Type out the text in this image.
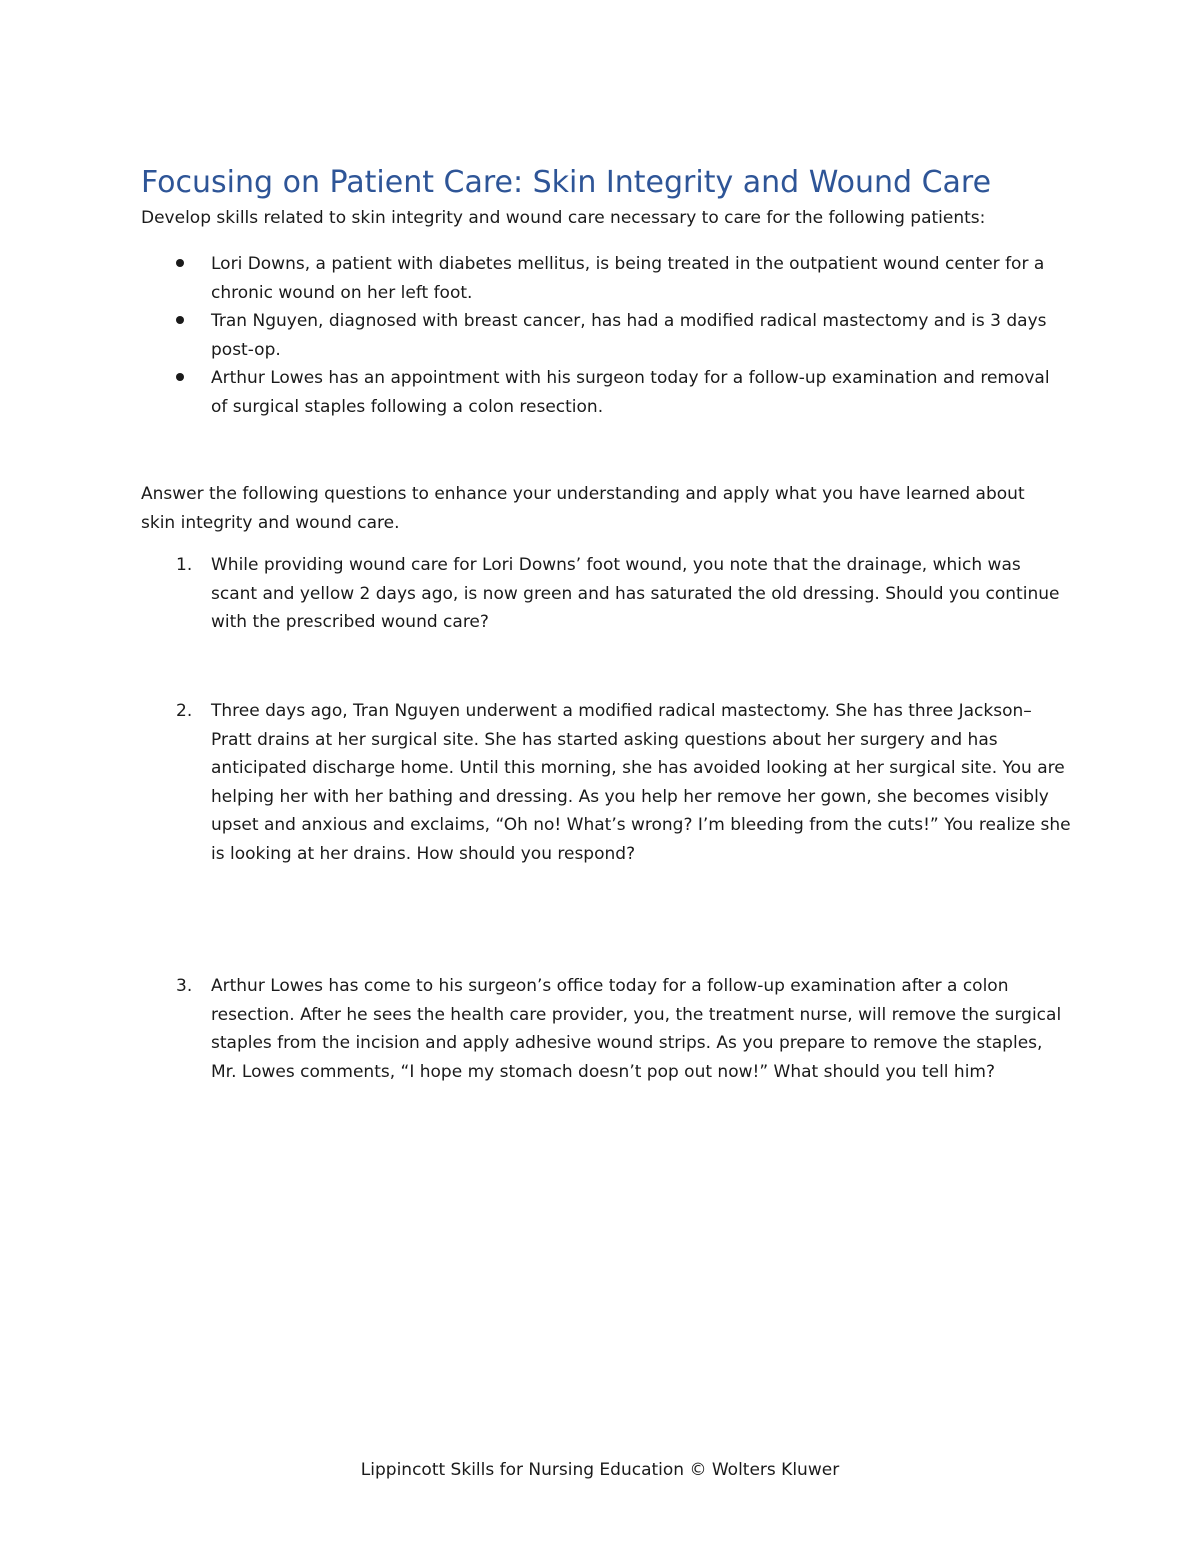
Focusing on Patient Care: Skin Integrity and Wound Care

Develop skills related to skin integrity and wound care necessary to care for the following patients:

Lori Downs, a patient with diabetes mellitus, is being treated in the outpatient wound center for a chronic wound on her left foot.
Tran Nguyen, diagnosed with breast cancer, has had a modified radical mastectomy and is 3 days post-op.
Arthur Lowes has an appointment with his surgeon today for a follow-up examination and removal of surgical staples following a colon resection.

Answer the following questions to enhance your understanding and apply what you have learned about skin integrity and wound care.

1.	While providing wound care for Lori Downs’ foot wound, you note that the drainage, which was scant and yellow 2 days ago, is now green and has saturated the old dressing. Should you continue with the prescribed wound care?
2.	Three days ago, Tran Nguyen underwent a modified radical mastectomy. She has three Jackson–Pratt drains at her surgical site. She has started asking questions about her surgery and has anticipated discharge home. Until this morning, she has avoided looking at her surgical site. You are helping her with her bathing and dressing. As you help her remove her gown, she becomes visibly upset and anxious and exclaims, “Oh no! What’s wrong? I’m bleeding from the cuts!” You realize she is looking at her drains. How should you respond?
3.	Arthur Lowes has come to his surgeon’s office today for a follow-up examination after a colon resection. After he sees the health care provider, you, the treatment nurse, will remove the surgical staples from the incision and apply adhesive wound strips. As you prepare to remove the staples, Mr. Lowes comments, “I hope my stomach doesn’t pop out now!” What should you tell him?

Lippincott Skills for Nursing Education © Wolters Kluwer
